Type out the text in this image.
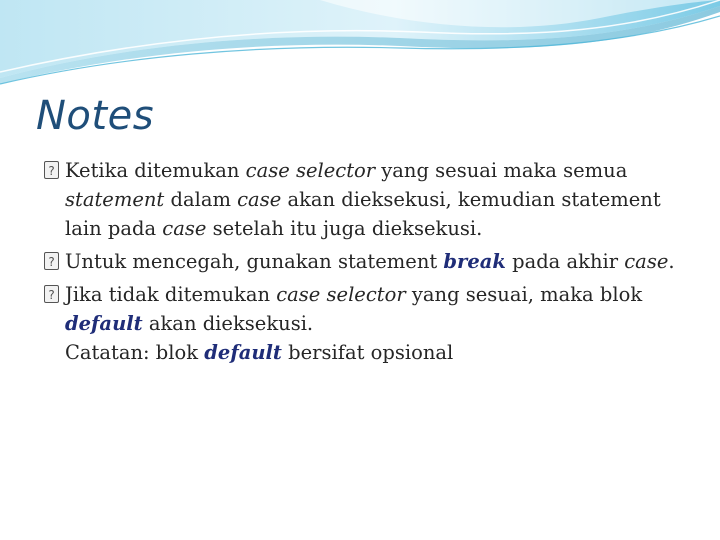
Notes
?
Ketika ditemukan case selector yang sesuai maka semua statement dalam case akan dieksekusi, kemudian statement lain pada case setelah itu juga dieksekusi.
?
Untuk mencegah, gunakan statement break pada akhir case.
?
Jika tidak ditemukan case selector yang sesuai, maka blok default akan dieksekusi.
Catatan: blok default bersifat opsional
